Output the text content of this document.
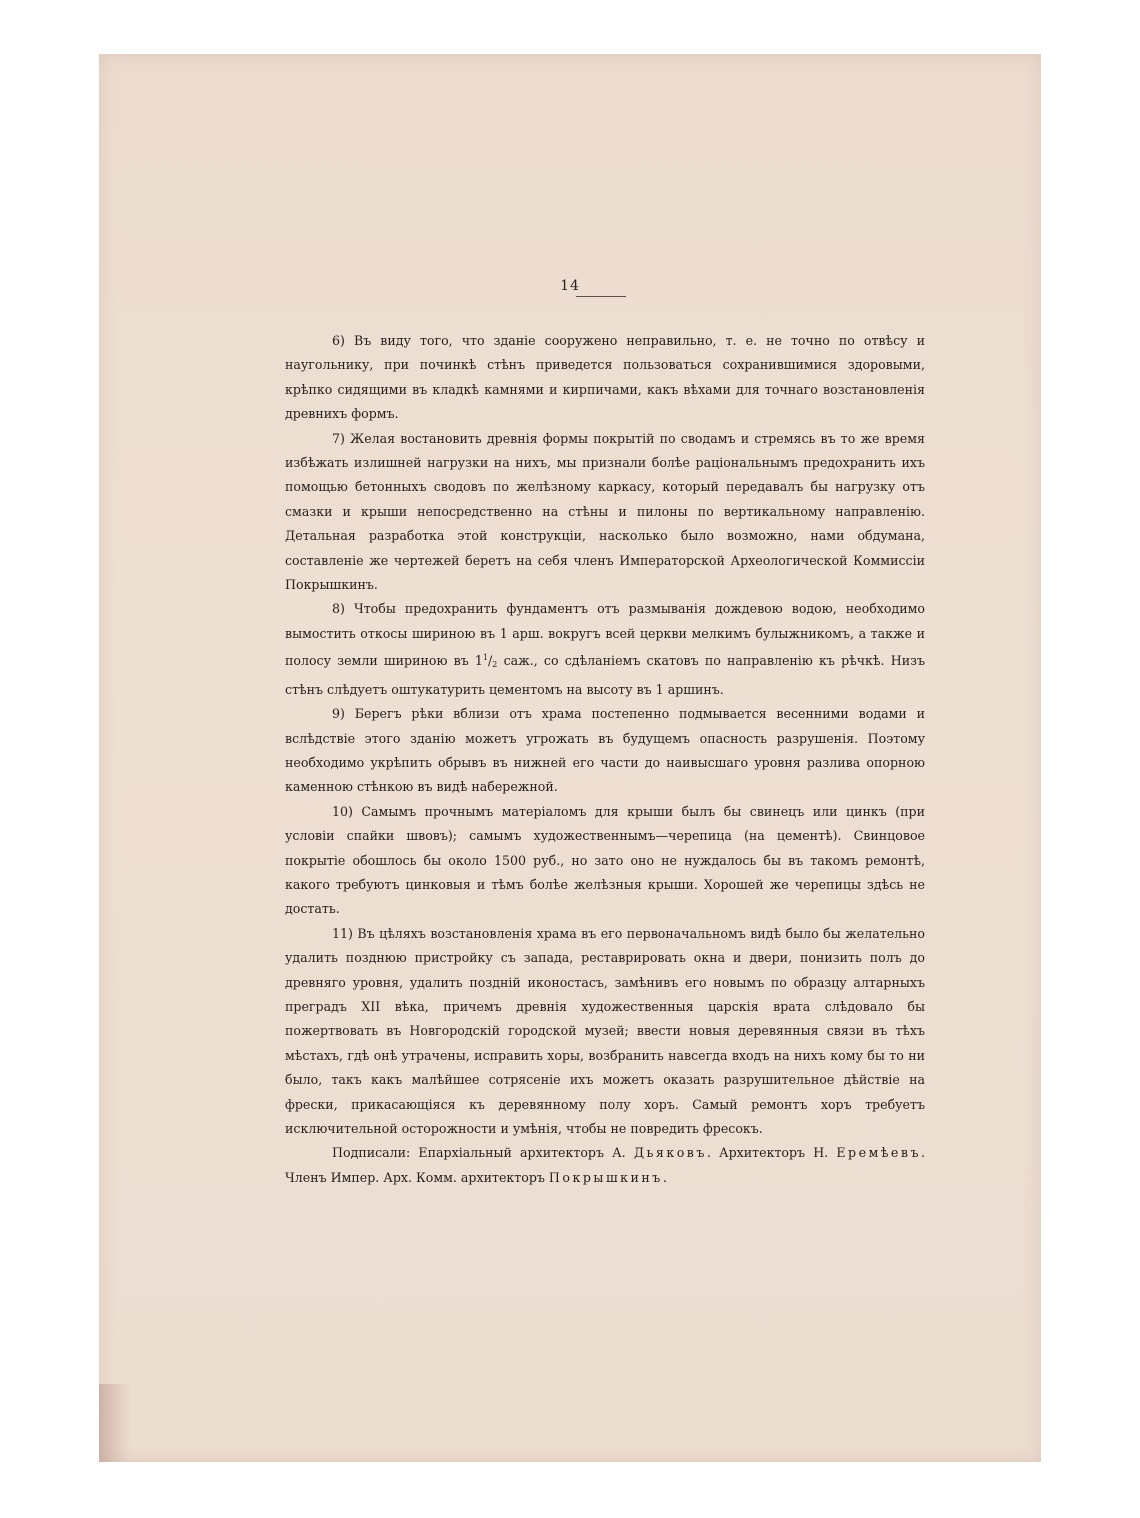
14

6) Въ виду того, что зданіе сооружено неправильно, т. е. не точно по отвѣсу и наугольнику, при починкѣ стѣнъ приведется пользоваться сохранившимися здоровыми, крѣпко сидящими въ кладкѣ камнями и кирпичами, какъ вѣхами для точнаго возстановленія древнихъ формъ.

7) Желая востановить древнія формы покрытій по сводамъ и стремясь въ то же время избѣжать излишней нагрузки на нихъ, мы признали болѣе раціональнымъ предохранить ихъ помощью бетонныхъ сводовъ по желѣзному каркасу, который передавалъ бы нагрузку отъ смазки и крыши непосредственно на стѣны и пилоны по вертикальному направленію. Детальная разработка этой конструкціи, насколько было возможно, нами обдумана, составленіе же чертежей беретъ на себя членъ Императорской Археологической Коммиссіи Покрышкинъ.

8) Чтобы предохранить фундаментъ отъ размыванія дождевою водою, необходимо вымостить откосы шириною въ 1 арш. вокругъ всей церкви мелкимъ булыжникомъ, а также и полосу земли шириною въ $1^1/_2$ саж., со сдѣланіемъ скатовъ по направленію къ рѣчкѣ. Низъ стѣнъ слѣдуетъ оштукатурить цементомъ на высоту въ 1 аршинъ.

9) Берегъ рѣки вблизи отъ храма постепенно подмывается весенними водами и вслѣдствіе этого зданію можетъ угрожать въ будущемъ опасность разрушенія. Поэтому необходимо укрѣпить обрывъ въ нижней его части до наивысшаго уровня разлива опорною каменною стѣнкою въ видѣ набережной.

10) Самымъ прочнымъ матеріаломъ для крыши былъ бы свинецъ или цинкъ (при условіи спайки швовъ); самымъ художественнымъ—черепица (на цементѣ). Свинцовое покрытіе обошлось бы около 1500 руб., но зато оно не нуждалось бы въ такомъ ремонтѣ, какого требуютъ цинковыя и тѣмъ болѣе желѣзныя крыши. Хорошей же черепицы здѣсь не достать.

11) Въ цѣляхъ возстановленія храма въ его первоначальномъ видѣ было бы желательно удалить позднюю пристройку съ запада, реставрировать окна и двери, понизить полъ до древняго уровня, удалить поздній иконостасъ, замѣнивъ его новымъ по образцу алтарныхъ преградъ XII вѣка, причемъ древнія художественныя царскія врата слѣдовало бы пожертвовать въ Новгородскій городской музей; ввести новыя деревянныя связи въ тѣхъ мѣстахъ, гдѣ онѣ утрачены, исправить хоры, возбранить навсегда входъ на нихъ кому бы то ни было, такъ какъ малѣйшее сотрясеніе ихъ можетъ оказать разрушительное дѣйствіе на фрески, прикасающіяся къ деревянному полу хоръ. Самый ремонтъ хоръ требуетъ исключительной осторожности и умѣнія, чтобы не повредить фресокъ.

Подписали: Епархіальный архитекторъ А. Дьяковъ. Архитекторъ Н. Еремѣевъ. Членъ Импер. Арх. Комм. архитекторъ Покрышкинъ.
